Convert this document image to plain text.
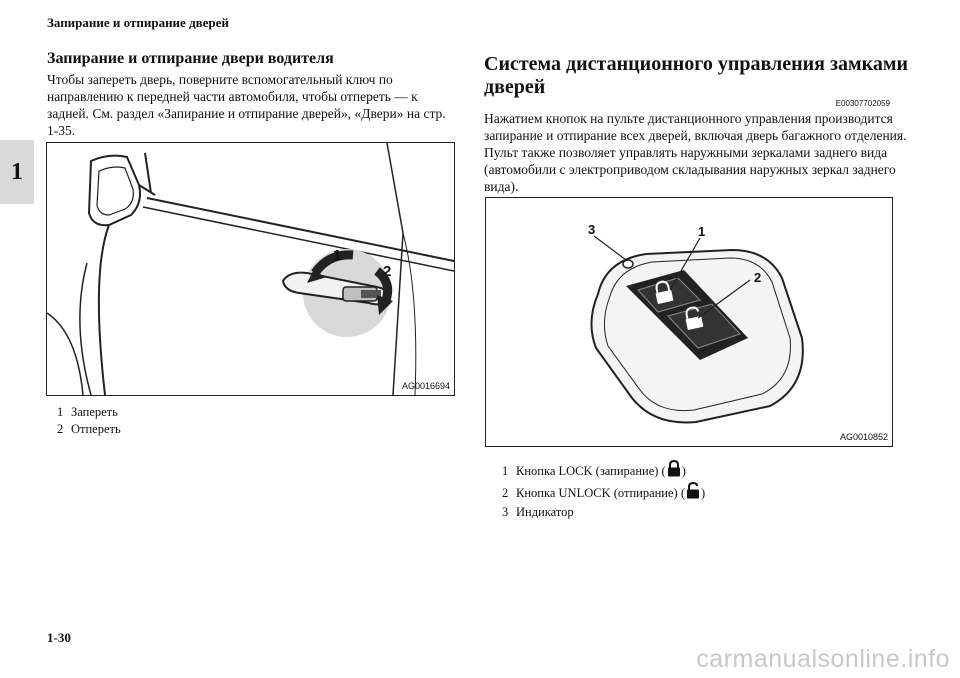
Запирание и отпирание дверей
1
Запирание и отпирание двери водителя

Чтобы запереть дверь, поверните вспомогательный ключ по направлению к передней части автомобиля, чтобы отпереть — к задней. См. раздел «Запирание и отпирание дверей», «Двери» на стр. 1-35.

AG0016694
1
2
1 Запереть
2 Отпереть
Система дистанционного управления замками
дверей
E00307702059

Нажатием кнопок на пульте дистанционного управления производится запирание и отпирание всех дверей, включая дверь багажного отделения. Пульт также позволяет управлять наружными зеркалами заднего вида (автомобили с электроприводом складывания наружных зеркал заднего вида).

3	1
2
AG0010852
1 Кнопка LOCK (запирание) ( )
2 Кнопка UNLOCK (отпирание) ( )
3 Индикатор
1-30
carmanualsonline.info
